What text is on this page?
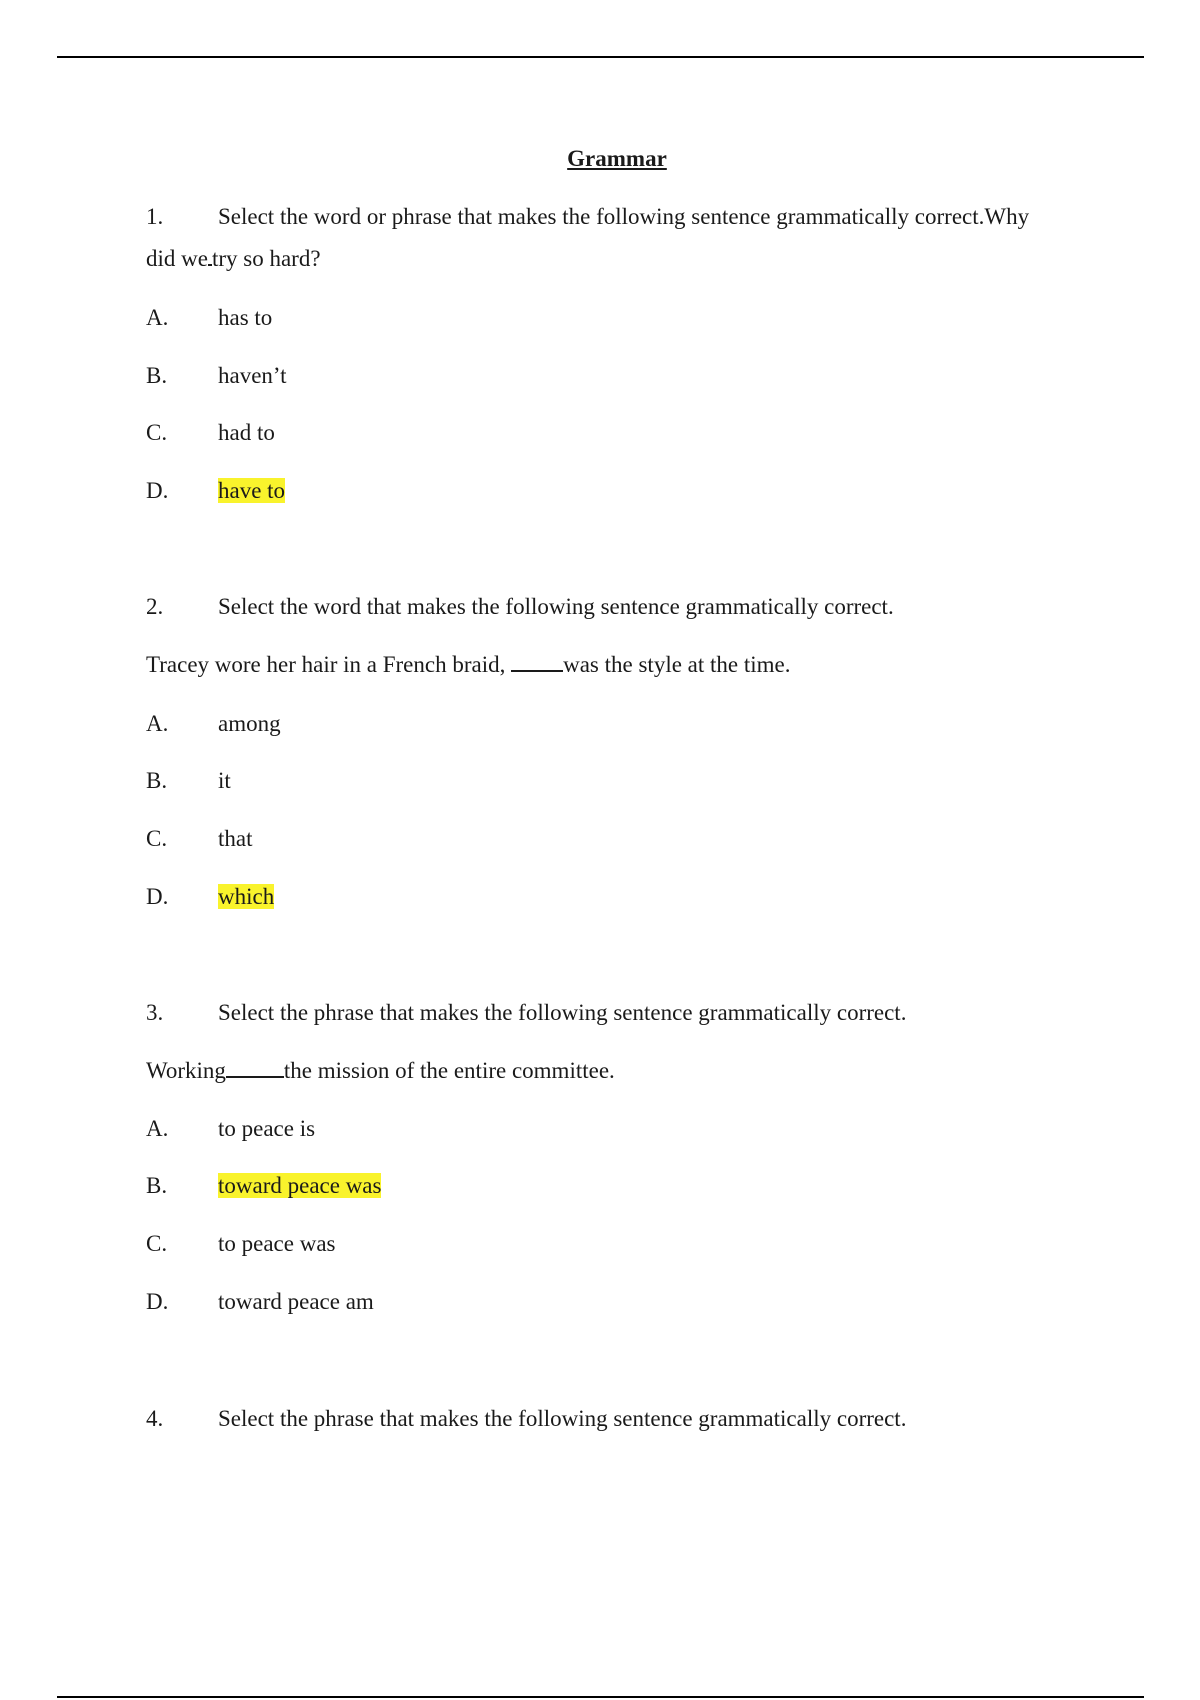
Grammar
1. Select the word or phrase that makes the following sentence grammatically correct.Why
did we try so hard?
A. has to
B. haven’t
C. had to
D. have to
2. Select the word that makes the following sentence grammatically correct.
Tracey wore her hair in a French braid, was the style at the time.
A. among
B. it
C. that
D. which
3. Select the phrase that makes the following sentence grammatically correct.
Working	the mission of the entire committee.
A. to peace is
B. toward peace was
C. to peace was
D. toward peace am
4. Select the phrase that makes the following sentence grammatically correct.
